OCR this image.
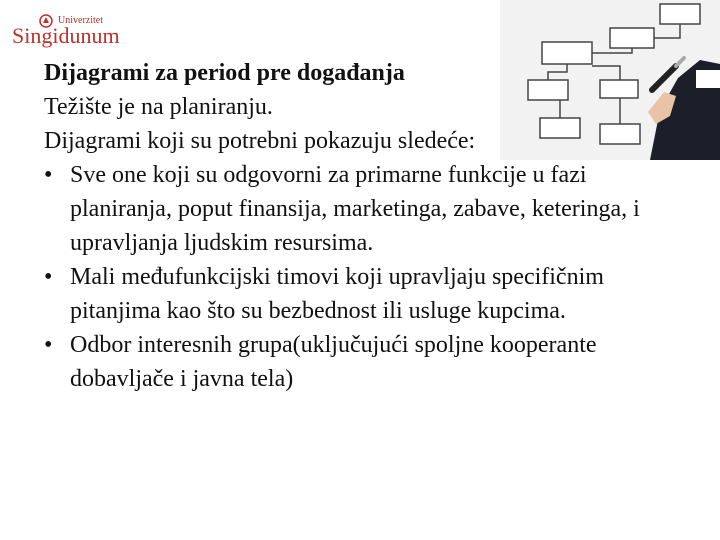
Univerzitet
Singidunum

Dijagrami za period pre događanja

Težište je na planiranju.

Dijagrami koji su potrebni pokazuju sledeće:

• Sve one koji su odgovorni za primarne funkcije u fazi planiranja, poput finansija, marketinga, zabave, keteringa, i upravljanja ljudskim resursima.
• Mali međufunkcijski timovi koji upravljaju specifičnim pitanjima kao što su bezbednost ili usluge kupcima.
• Odbor interesnih grupa(uključujući spoljne kooperante dobavljače i javna tela)
